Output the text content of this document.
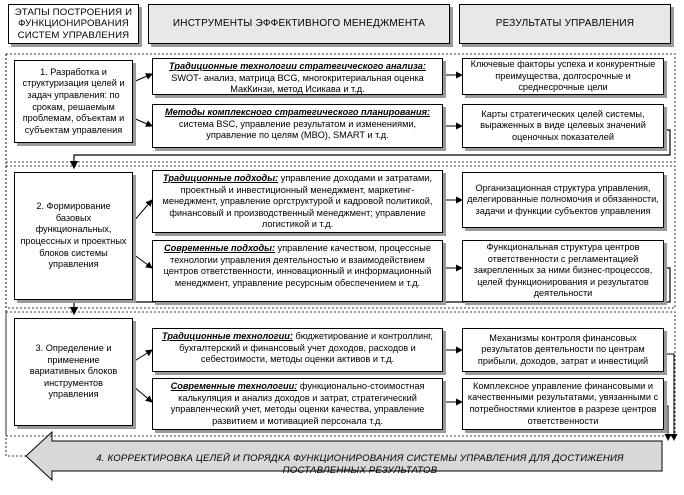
ЭТАПЫ ПОСТРОЕНИЯ И ФУНКЦИОНИРОВАНИЯ СИСТЕМ УПРАВЛЕНИЯ
ИНСТРУМЕНТЫ ЭФФЕКТИВНОГО МЕНЕДЖМЕНТА	РЕЗУЛЬТАТЫ УПРАВЛЕНИЯ
1. Разработка и структуризация целей и задач управления: по срокам, решаемым проблемам, объектам и субъектам управления
2. Формирование базовых функциональных, процессных и проектных блоков системы управления
3. Определение и применение вариативных блоков инструментов управления
Традиционные технологии стратегического анализа: SWOT- анализ, матрица BCG, многокритериальная оценка МакКинзи, метод Исикава и т.д.
Методы комплексного стратегического планирования: система BSC, управление результатом и изменениями, управление по целям (MBO), SMART и т.д.
Традиционные подходы: управление доходами и затратами, проектный и инвестиционный менеджмент, маркетинг-менеджмент, управление оргструктурой и кадровой политикой, финансовый и производственный менеджмент; управление логистикой и т.д.
Современные подходы: управление качеством, процессные технологии управления деятельностью и взаимодействием центров ответственности, инновационный и информационный менеджмент, управление ресурсным обеспечением и т.д.
Традиционные технологии: бюджетирование и контроллинг, бухгалтерский и финансовый учет доходов, расходов и себестоимости, методы оценки активов и т.д.
Современные технологии: функционально-стоимостная калькуляция и анализ доходов и затрат, стратегический управленческий учет, методы оценки качества, управление развитием и мотивацией персонала т.д.
Ключевые факторы успеха и конкурентные преимущества, долгосрочные и среднесрочные цели
Карты стратегических целей системы, выраженных в виде целевых значений оценочных показателей
Организационная структура управления, делегированные полномочия и обязанности, задачи и функции субъектов управления
Функциональная структура центров ответственности с регламентацией закрепленных за ними бизнес-процессов, целей функционирования и результатов деятельности
Механизмы контроля финансовых результатов деятельности по центрам прибыли, доходов, затрат и инвестиций
Комплексное управление финансовыми и качественными результатами, увязанными с потребностями клиентов в разрезе центров ответственности
4. КОРРЕКТИРОВКА ЦЕЛЕЙ И ПОРЯДКА ФУНКЦИОНИРОВАНИЯ СИСТЕМЫ УПРАВЛЕНИЯ ДЛЯ ДОСТИЖЕНИЯ ПОСТАВЛЕННЫХ РЕЗУЛЬТАТОВ
